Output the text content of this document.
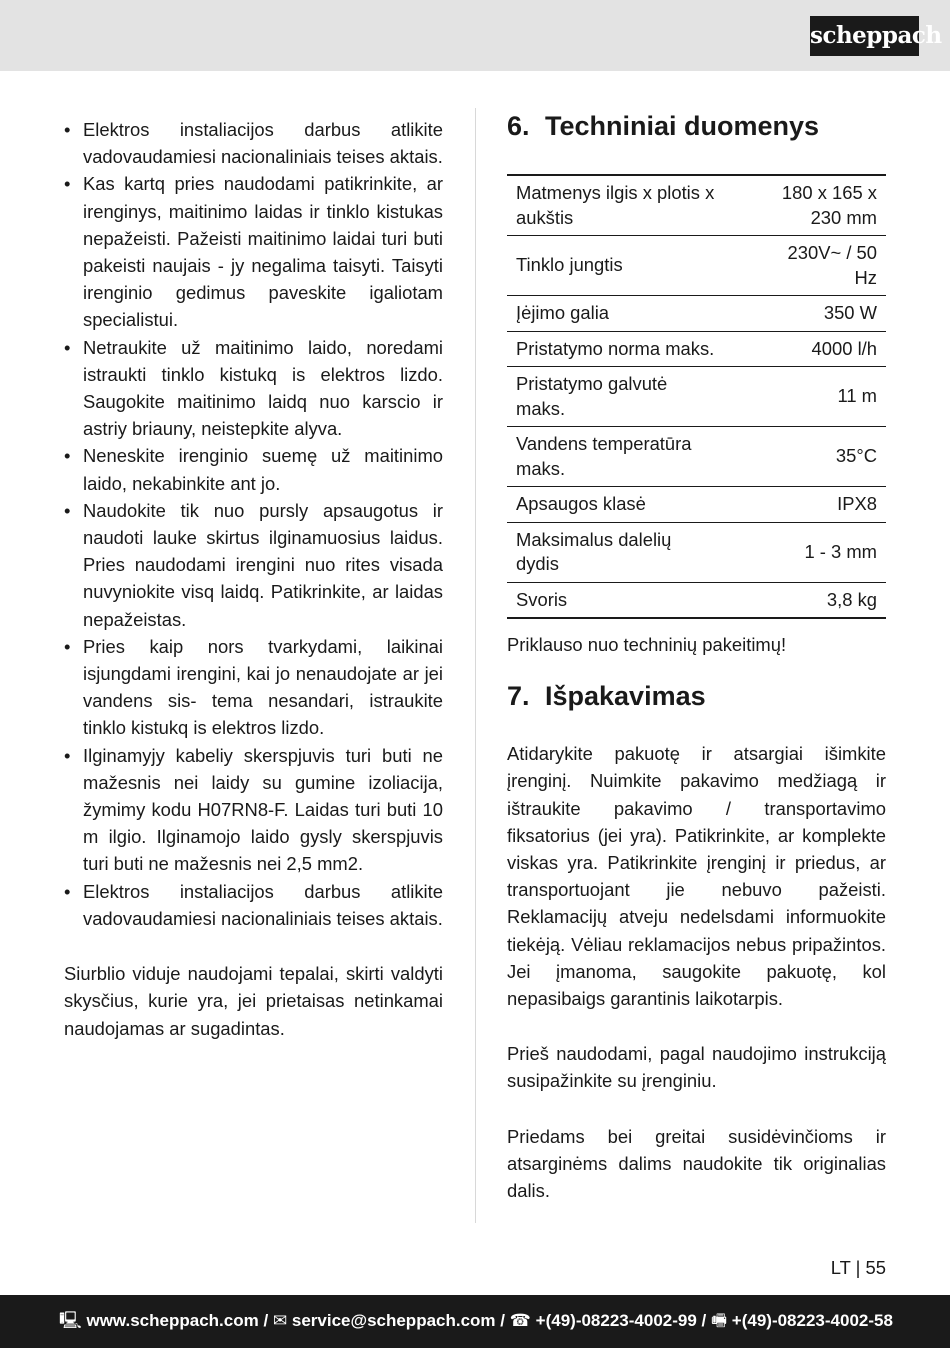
scheppach
• Elektros instaliacijos darbus atlikite vadovaudamiesi nacionaliniais teises aktais.
• Kas kartq pries naudodami patikrinkite, ar irenginys, maitinimo laidas ir tinklo kistukas nepažeisti. Pažeisti maitinimo laidai turi buti pakeisti naujais - jy negalima taisyti. Taisyti irenginio gedimus paveskite igaliotam specialistui.
• Netraukite už maitinimo laido, noredami istraukti tinklo kistukq is elektros lizdo. Saugokite maitinimo laidq nuo karscio ir astriy briauny, neistepkite alyva.
• Neneskite irenginio suemę už maitinimo laido, nekabinkite ant jo.
• Naudokite tik nuo pursly apsaugotus ir naudoti lauke skirtus ilginamuosius laidus. Pries naudodami irengini nuo rites visada nuvyniokite visq laidq. Patikrinkite, ar laidas nepažeistas.
• Pries kaip nors tvarkydami, laikinai isjungdami irengini, kai jo nenaudojate ar jei vandens sis- tema nesandari, istraukite tinklo kistukq is elektros lizdo.
• Ilginamyjy kabeliy skerspjuvis turi buti ne mažesnis nei laidy su gumine izoliacija, žymimy kodu H07RN8-F. Laidas turi buti 10 m ilgio. Ilginamojo laido gysly skerspjuvis turi buti ne mažesnis nei 2,5 mm2.
• Elektros instaliacijos darbus atlikite vadovaudamiesi nacionaliniais teises aktais.

Siurblio viduje naudojami tepalai, skirti valdyti skysčius, kurie yra, jei prietaisas netinkamai naudojamas ar sugadintas.

6. Techniniai duomenys
Matmenys ilgis x plotis x aukštis	180 x 165 x 230 mm
Tinklo jungtis	230V~ / 50 Hz
Įėjimo galia	350 W
Pristatymo norma maks.	4000 l/h
Pristatymo galvutė maks.	11 m
Vandens temperatūra maks.	35°C
Apsaugos klasė	IPX8
Maksimalus dalelių dydis	1 - 3 mm
Svoris	3,8 kg

Priklauso nuo techninių pakeitimų!

7. Išpakavimas

Atidarykite pakuotę ir atsargiai išimkite įrenginį. Nuimkite pakavimo medžiagą ir ištraukite pakavimo / transportavimo fiksatorius (jei yra). Patikrinkite, ar komplekte viskas yra. Patikrinkite įrenginį ir priedus, ar transportuojant jie nebuvo pažeisti. Reklamacijų atveju nedelsdami informuokite tiekėją. Vėliau reklamacijos nebus pripažintos. Jei įmanoma, saugokite pakuotę, kol nepasibaigs garantinis laikotarpis.

Prieš naudodami, pagal naudojimo instrukciją susipažinkite su įrenginiu.

Priedams bei greitai susidėvinčioms ir atsarginėms dalims naudokite tik originalias dalis.

LT | 55
🖳 www.scheppach.com / ✉ service@scheppach.com / ☎ +(49)-08223-4002-99 / 🖷 +(49)-08223-4002-58
